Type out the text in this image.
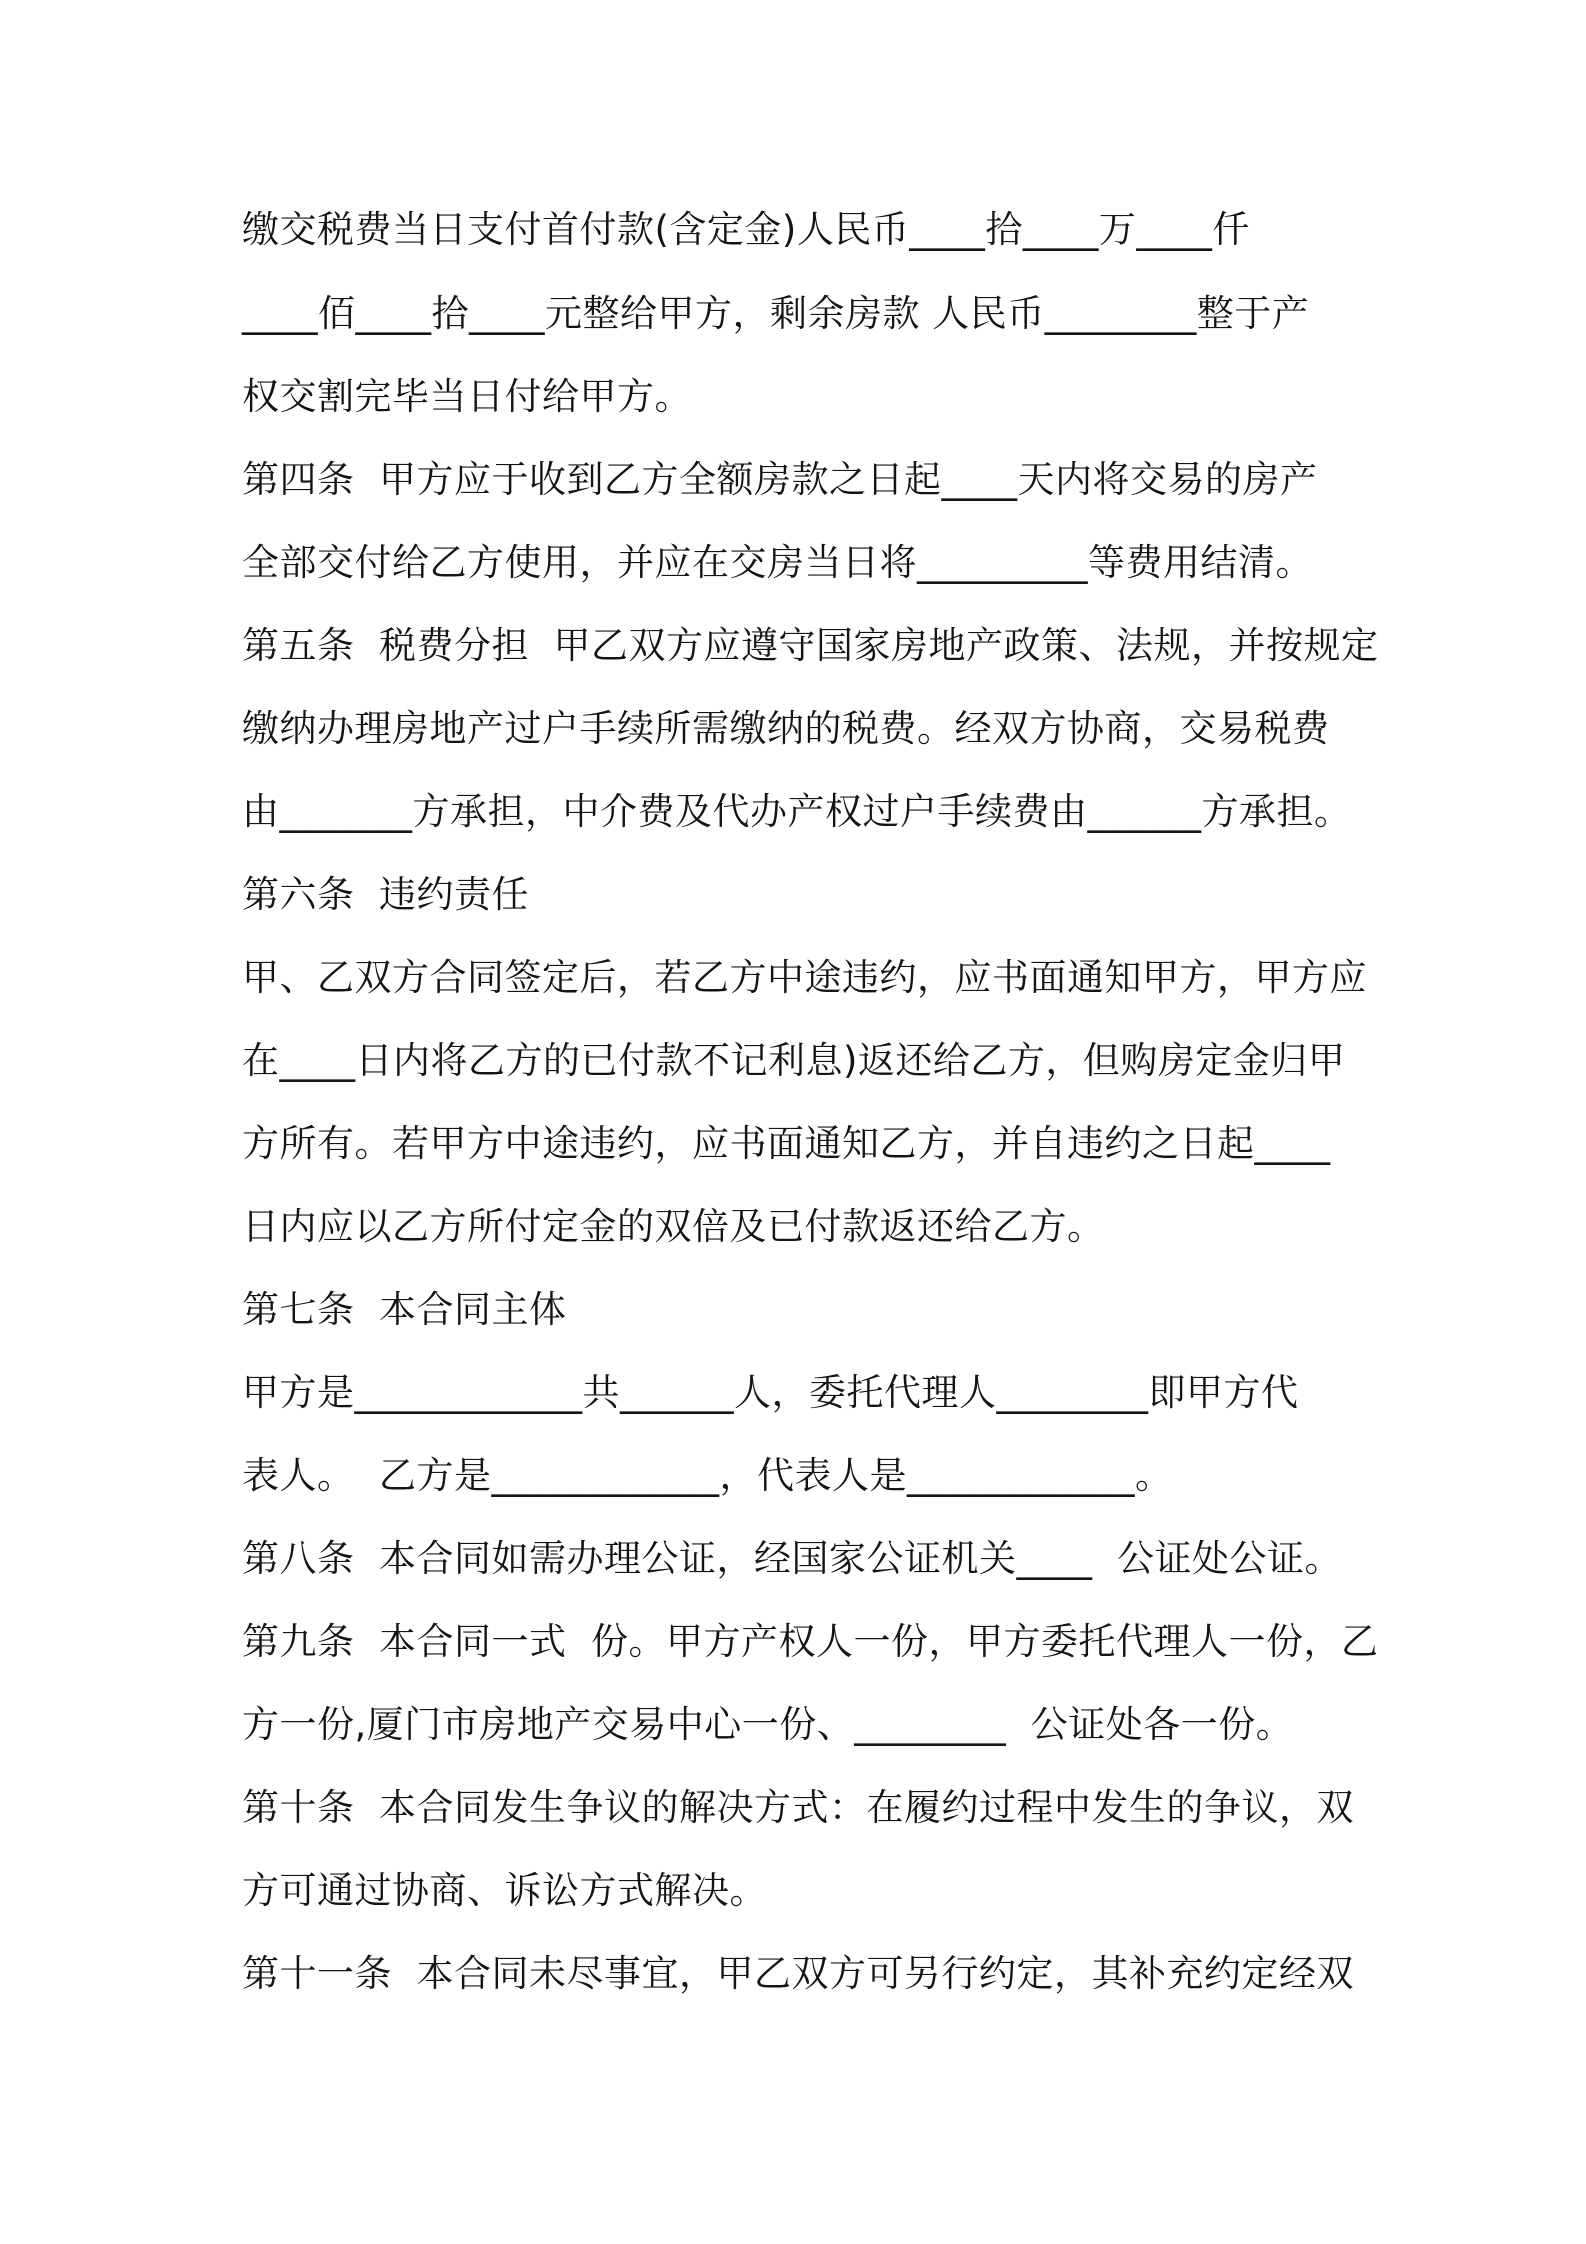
缴交税费当日支付首付款(含定金)人民币____拾____万____仟
____佰____拾____元整给甲方，剩余房款 人民币________整于产
权交割完毕当日付给甲方。
第四条  甲方应于收到乙方全额房款之日起____天内将交易的房产
全部交付给乙方使用，并应在交房当日将_________等费用结清。
第五条  税费分担  甲乙双方应遵守国家房地产政策、法规，并按规定
缴纳办理房地产过户手续所需缴纳的税费。经双方协商，交易税费
由_______方承担，中介费及代办产权过户手续费由______方承担。
第六条  违约责任
甲、乙双方合同签定后，若乙方中途违约，应书面通知甲方，甲方应
在____日内将乙方的已付款不记利息)返还给乙方，但购房定金归甲
方所有。若甲方中途违约，应书面通知乙方，并自违约之日起____
日内应以乙方所付定金的双倍及已付款返还给乙方。
第七条  本合同主体
甲方是____________共______人，委托代理人________即甲方代
表人。  乙方是____________，代表人是____________。
第八条  本合同如需办理公证，经国家公证机关____  公证处公证。
第九条  本合同一式  份。甲方产权人一份，甲方委托代理人一份，乙
方一份,厦门市房地产交易中心一份、________  公证处各一份。
第十条  本合同发生争议的解决方式：在履约过程中发生的争议，双
方可通过协商、诉讼方式解决。
第十一条  本合同未尽事宜，甲乙双方可另行约定，其补充约定经双
